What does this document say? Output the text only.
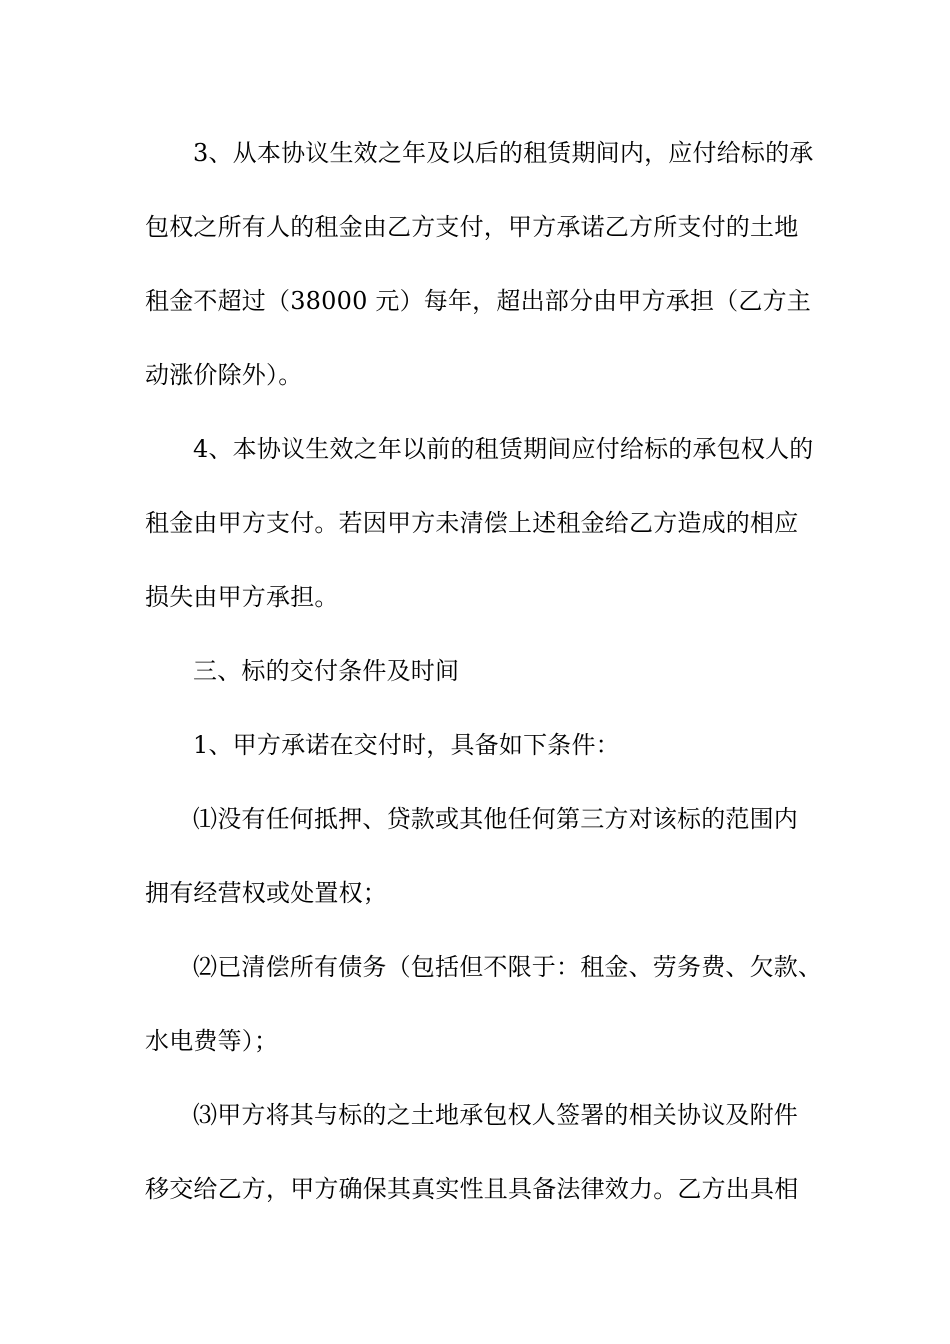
3、从本协议生效之年及以后的租赁期间内，应付给标的承
包权之所有人的租金由乙方支付，甲方承诺乙方所支付的土地
租金不超过（38000 元）每年，超出部分由甲方承担（乙方主
动涨价除外）。
4、本协议生效之年以前的租赁期间应付给标的承包权人的
租金由甲方支付。若因甲方未清偿上述租金给乙方造成的相应
损失由甲方承担。
三、标的交付条件及时间
1、甲方承诺在交付时，具备如下条件：
⑴没有任何抵押、贷款或其他任何第三方对该标的范围内
拥有经营权或处置权；
⑵已清偿所有债务（包括但不限于：租金、劳务费、欠款、
水电费等）；
⑶甲方将其与标的之土地承包权人签署的相关协议及附件
移交给乙方，甲方确保其真实性且具备法律效力。乙方出具相
